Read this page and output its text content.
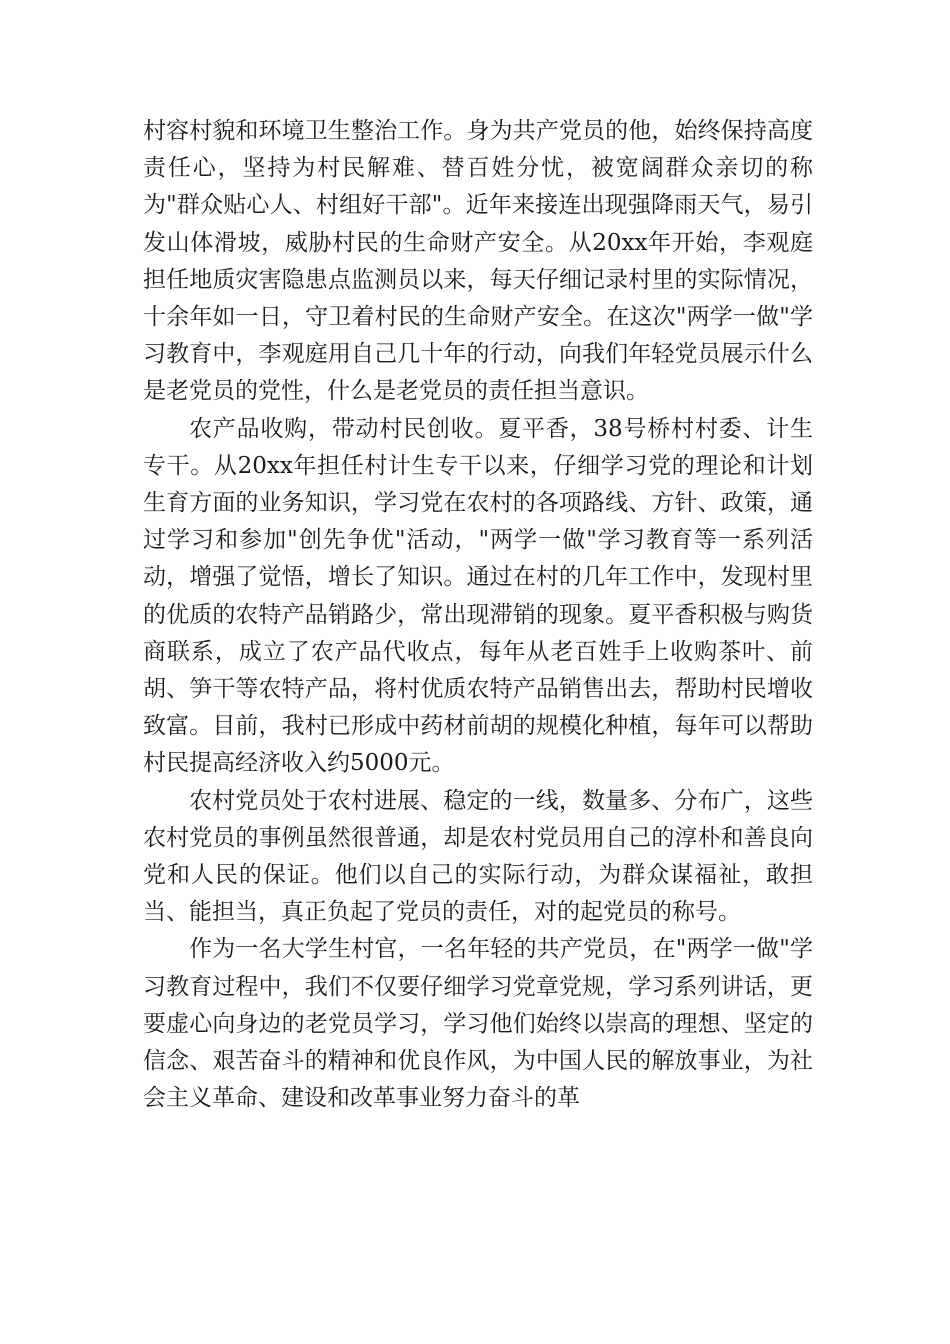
村容村貌和环境卫生整治工作。身为共产党员的他，始终保持高度责任心，坚持为村民解难、替百姓分忧，被宽阔群众亲切的称为"群众贴心人、村组好干部"。近年来接连出现强降雨天气，易引发山体滑坡，威胁村民的生命财产安全。从20xx年开始，李观庭担任地质灾害隐患点监测员以来，每天仔细记录村里的实际情况，十余年如一日，守卫着村民的生命财产安全。在这次"两学一做"学习教育中，李观庭用自己几十年的行动，向我们年轻党员展示什么是老党员的党性，什么是老党员的责任担当意识。

农产品收购，带动村民创收。夏平香，38号桥村村委、计生专干。从20xx年担任村计生专干以来，仔细学习党的理论和计划生育方面的业务知识，学习党在农村的各项路线、方针、政策，通过学习和参加"创先争优"活动，"两学一做"学习教育等一系列活动，增强了觉悟，增长了知识。通过在村的几年工作中，发现村里的优质的农特产品销路少，常出现滞销的现象。夏平香积极与购货商联系，成立了农产品代收点，每年从老百姓手上收购茶叶、前胡、笋干等农特产品，将村优质农特产品销售出去，帮助村民增收致富。目前，我村已形成中药材前胡的规模化种植，每年可以帮助村民提高经济收入约5000元。

农村党员处于农村进展、稳定的一线，数量多、分布广，这些农村党员的事例虽然很普通，却是农村党员用自己的淳朴和善良向党和人民的保证。他们以自己的实际行动，为群众谋福祉，敢担当、能担当，真正负起了党员的责任，对的起党员的称号。

作为一名大学生村官，一名年轻的共产党员，在"两学一做"学习教育过程中，我们不仅要仔细学习党章党规，学习系列讲话，更要虚心向身边的老党员学习，学习他们始终以崇高的理想、坚定的信念、艰苦奋斗的精神和优良作风，为中国人民的解放事业，为社会主义革命、建设和改革事业努力奋斗的革
